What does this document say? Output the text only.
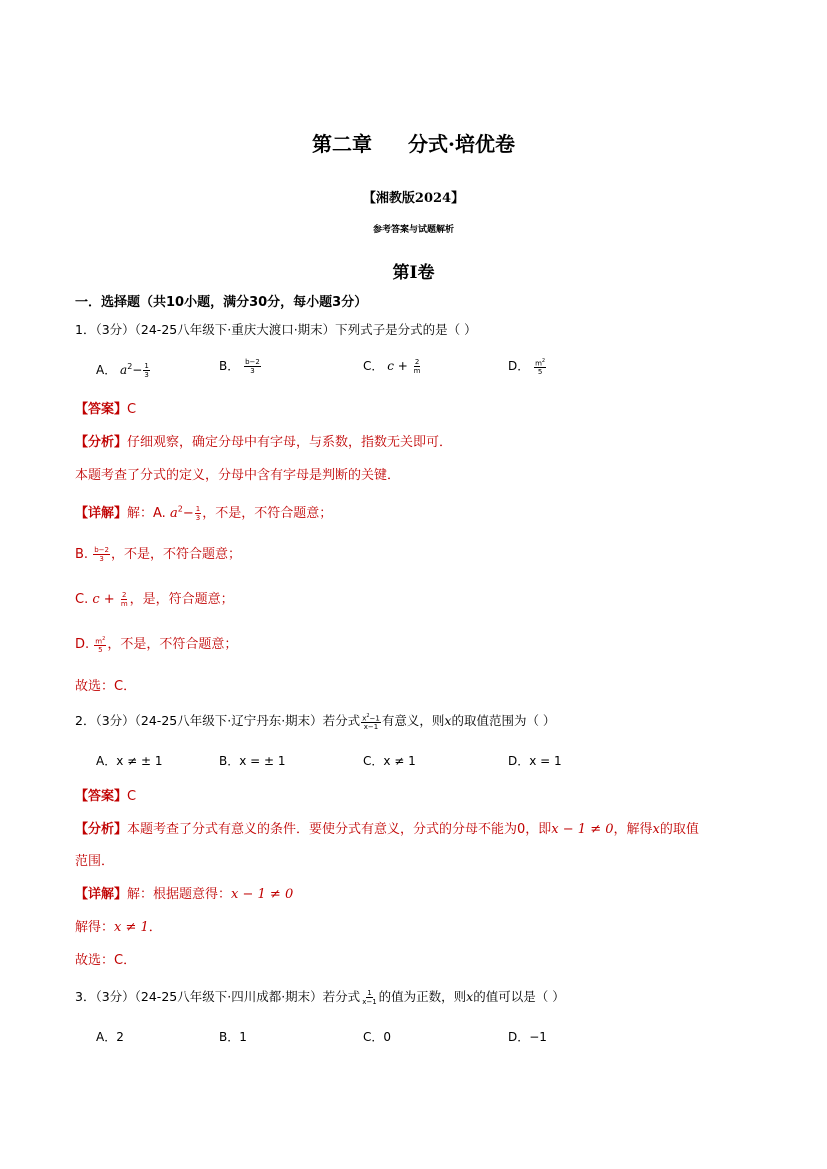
第二章 分式·培优卷
【湘教版2024】
参考答案与试题解析
第Ⅰ卷
一．选择题（共10小题，满分30分，每小题3分）
1．（3分）（24-25八年级下·重庆大渡口·期末）下列式子是分式的是（ ）
A． $a^2- \frac{1}{3}$	B． $\frac{b-2}{3}$	C． $c + \frac{2}{m}$	D． $\frac{m^2}{5}$
【答案】C
【分析】仔细观察，确定分母中有字母，与系数，指数无关即可．
本题考查了分式的定义，分母中含有字母是判断的关键．
【详解】解：A. $a^2- \frac{1}{3}$ ，不是，不符合题意；
B. $\frac{b-2}{3}$ ，不是，不符合题意；
C. $c + \frac{2}{m}$ ，是，符合题意；
D. $\frac{m^2}{5}$ ，不是，不符合题意；
故选：C．
2．（3分）（24-25八年级下·辽宁丹东·期末）若分式 $\frac{x^2-1}{x-1}$ 有意义，则x的取值范围为（ ）
A．x ≠ ± 1	B．x = ± 1	C．x ≠ 1	D．x = 1
【答案】C
【分析】本题考查了分式有意义的条件．要使分式有意义，分式的分母不能为0，即x − 1 ≠ 0，解得x的取值
范围．
【详解】解：根据题意得：x − 1 ≠ 0
解得：x ≠ 1．
故选：C．
3．（3分）（24-25八年级下·四川成都·期末）若分式 $\frac{1}{x-1}$ 的值为正数，则x的值可以是（ ）
A．2	B．1	C．0	D．−1
